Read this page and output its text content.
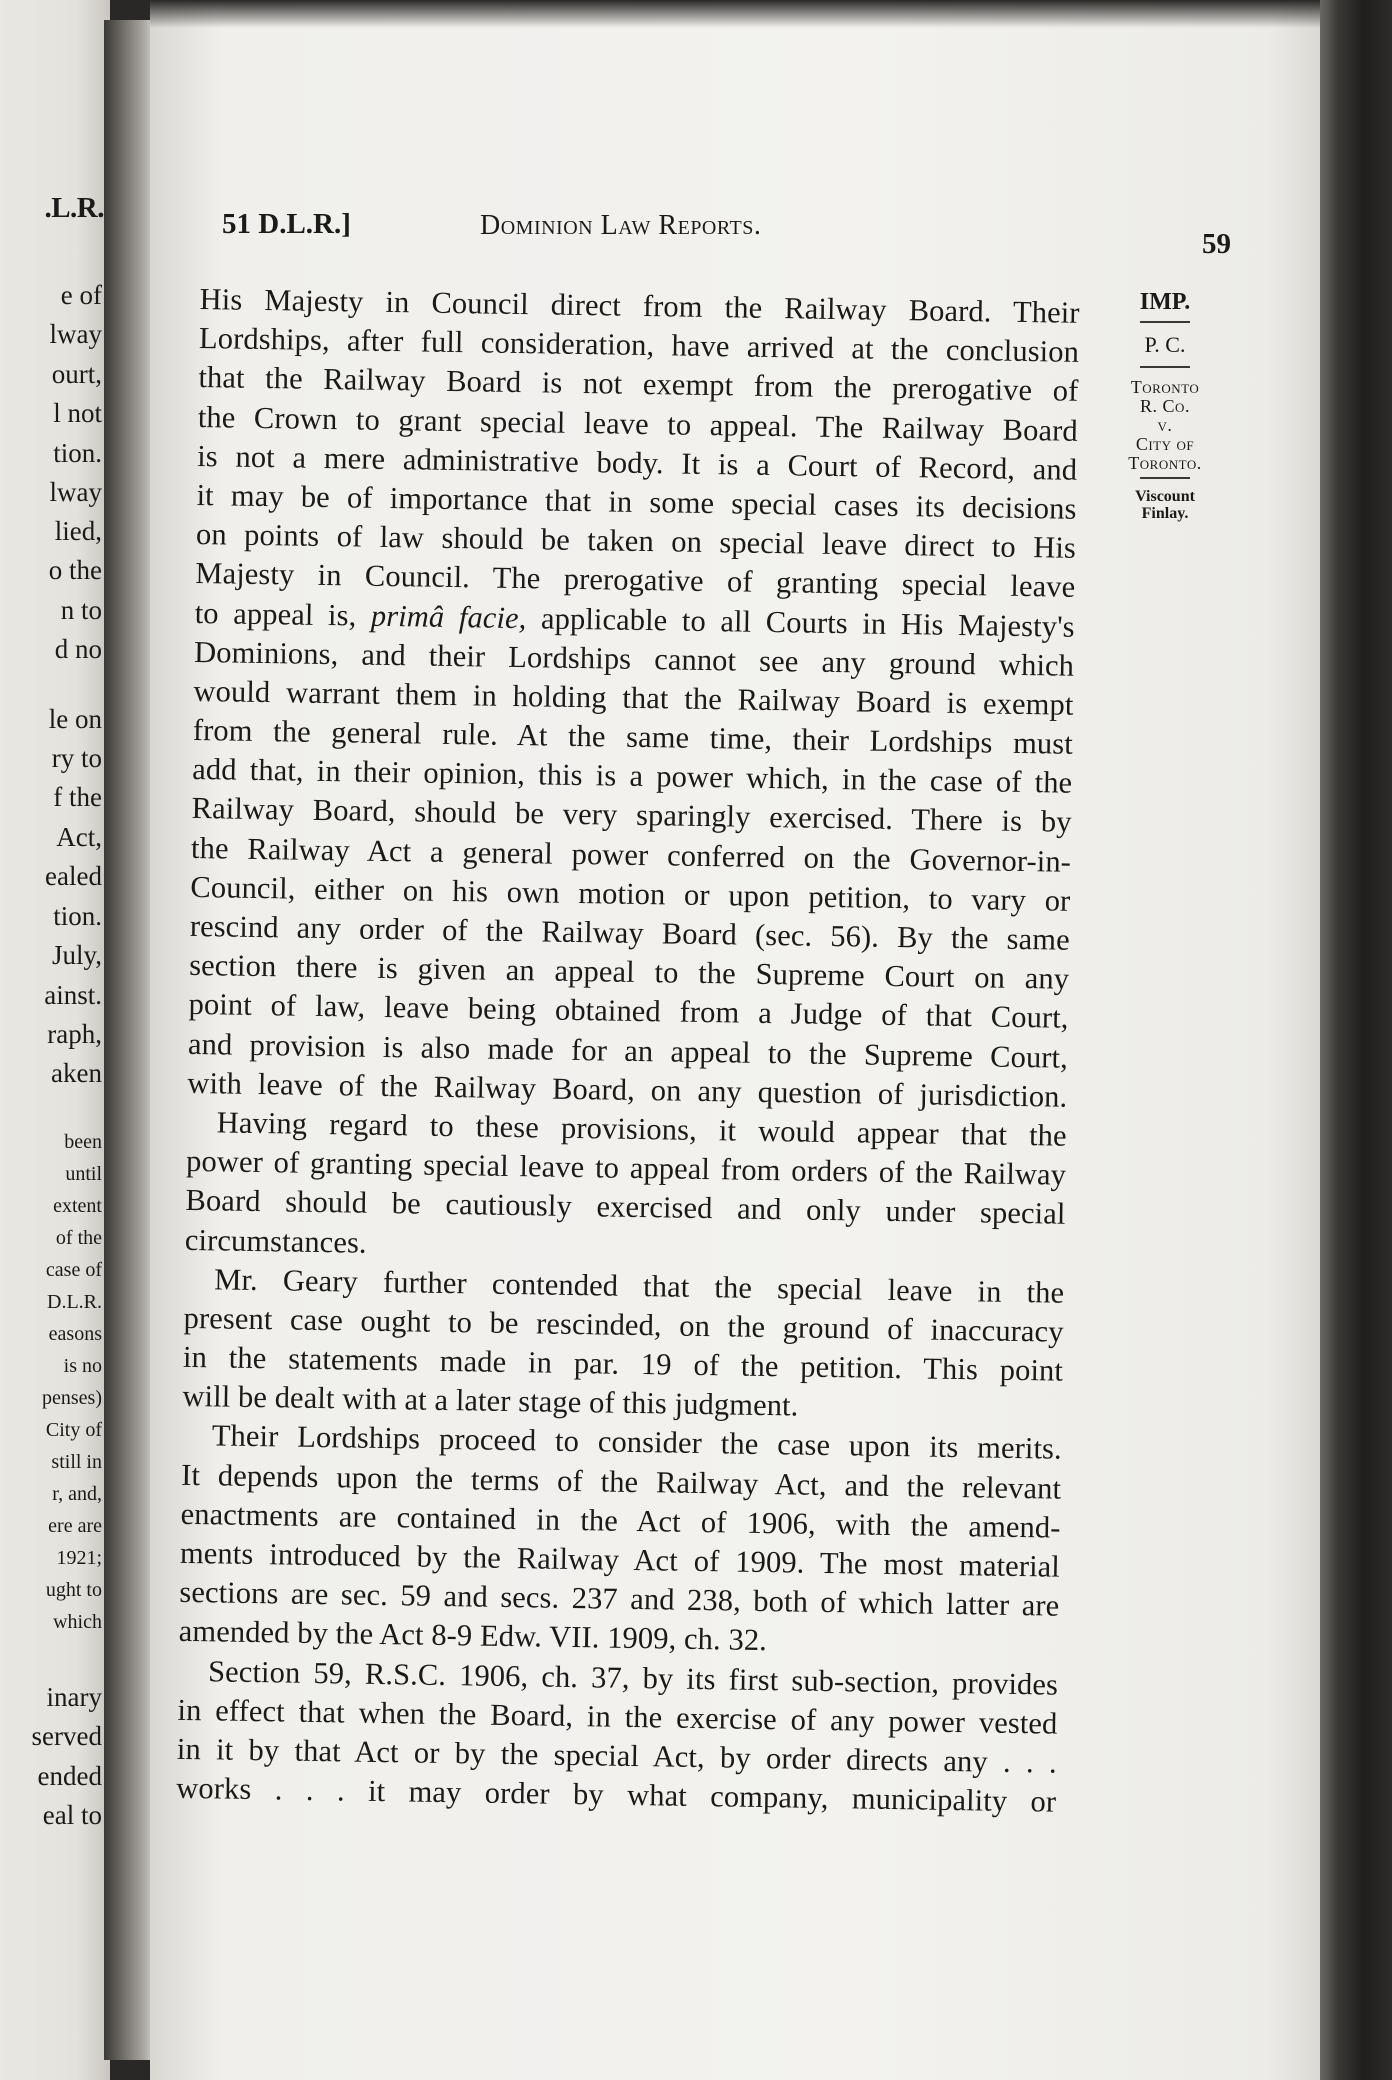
.L.R.
e of
lway
ourt,
l not
tion.
lway
lied,
o the
n to
d no
le on
ry to
f the
Act,
ealed
tion.
July,
ainst.
raph,
aken
been
until
extent
of the
case of
D.L.R.
easons
is no
penses)
City of
still in
r, and,
ere are
1921;
ught to
which
inary
served
ended
eal to
51 D.L.R.]	Dominion Law Reports.
59
His Majesty in Council direct from the Railway Board. Their
Lordships, after full consideration, have arrived at the conclusion
that the Railway Board is not exempt from the prerogative of
the Crown to grant special leave to appeal. The Railway Board
is not a mere administrative body. It is a Court of Record, and
it may be of importance that in some special cases its decisions
on points of law should be taken on special leave direct to His
Majesty in Council. The prerogative of granting special leave
to appeal is, primâ facie, applicable to all Courts in His Majesty's
Dominions, and their Lordships cannot see any ground which
would warrant them in holding that the Railway Board is exempt
from the general rule. At the same time, their Lordships must
add that, in their opinion, this is a power which, in the case of the
Railway Board, should be very sparingly exercised. There is by
the Railway Act a general power conferred on the Governor-in-
Council, either on his own motion or upon petition, to vary or
rescind any order of the Railway Board (sec. 56). By the same
section there is given an appeal to the Supreme Court on any
point of law, leave being obtained from a Judge of that Court,
and provision is also made for an appeal to the Supreme Court,
with leave of the Railway Board, on any question of jurisdiction.
Having regard to these provisions, it would appear that the
power of granting special leave to appeal from orders of the Railway
Board should be cautiously exercised and only under special
circumstances.
Mr. Geary further contended that the special leave in the
present case ought to be rescinded, on the ground of inaccuracy
in the statements made in par. 19 of the petition. This point
will be dealt with at a later stage of this judgment.
Their Lordships proceed to consider the case upon its merits.
It depends upon the terms of the Railway Act, and the relevant
enactments are contained in the Act of 1906, with the amend-
ments introduced by the Railway Act of 1909. The most material
sections are sec. 59 and secs. 237 and 238, both of which latter are
amended by the Act 8-9 Edw. VII. 1909, ch. 32.
Section 59, R.S.C. 1906, ch. 37, by its first sub-section, provides
in effect that when the Board, in the exercise of any power vested
in it by that Act or by the special Act, by order directs any . . .
works . . . it may order by what company, municipality or
IMP.
P. C.
Toronto
R. Co.
v.
City of
Toronto.
Viscount
Finlay.
